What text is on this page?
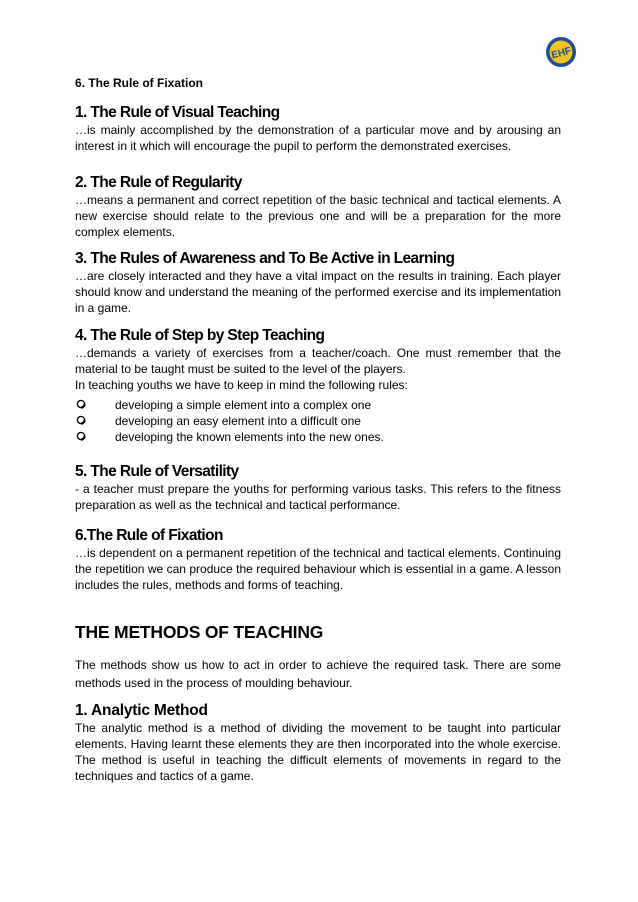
EHF
6. The Rule of Fixation
1. The Rule of Visual Teaching

…is mainly accomplished by the demonstration of a particular move and by arousing an interest in it which will encourage the pupil to perform the demonstrated exercises.

2. The Rule of Regularity

…means a permanent and correct repetition of the basic technical and tactical elements. A new exercise should relate to the previous one and will be a preparation for the more complex elements.

3. The Rules of Awareness and To Be Active in Learning

…are closely interacted and they have a vital impact on the results in training. Each player should know and understand the meaning of the performed exercise and its implementation in a game.

4. The Rule of Step by Step Teaching

…demands a variety of exercises from a teacher/coach. One must remember that the material to be taught must be suited to the level of the players.

In teaching youths we have to keep in mind the following rules:

developing a simple element into a complex one
developing an easy element into a difficult one
developing the known elements into the new ones.
5. The Rule of Versatility

- a teacher must prepare the youths for performing various tasks. This refers to the fitness preparation as well as the technical and tactical performance.

6.The Rule of Fixation

…is dependent on a permanent repetition of the technical and tactical elements. Continuing the repetition we can produce the required behaviour which is essential in a game. A lesson includes the rules, methods and forms of teaching.

THE METHODS OF TEACHING

The methods show us how to act in order to achieve the required task. There are some methods used in the process of moulding behaviour.

1. Analytic Method

The analytic method is a method of dividing the movement to be taught into particular elements. Having learnt these elements they are then incorporated into the whole exercise. The method is useful in teaching the difficult elements of movements in regard to the techniques and tactics of a game.
